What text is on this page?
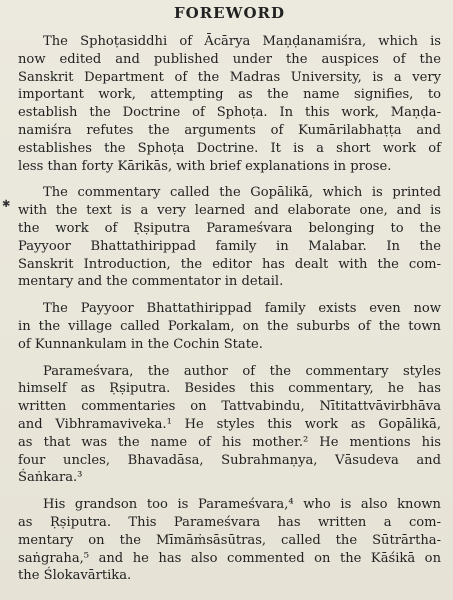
✱
FOREWORD
The Sphoṭasiddhi of Ācārya Maṇḍanamiśra, which is
now edited and published under the auspices of the
Sanskrit Department of the Madras University, is a very
important work, attempting as the name signifies, to
establish the Doctrine of Sphoṭa. In this work, Maṇḍa-
namiśra refutes the arguments of Kumārilabhaṭṭa and
establishes the Sphoṭa Doctrine. It is a short work of
less than forty Kārikās, with brief explanations in prose.
The commentary called the Gopālikā, which is printed
with the text is a very learned and elaborate one, and is
the work of Ṛṣiputra Parameśvara belonging to the
Payyoor Bhattathirippad family in Malabar. In the
Sanskrit Introduction, the editor has dealt with the com-
mentary and the commentator in detail.
The Payyoor Bhattathirippad family exists even now
in the village called Porkalam, on the suburbs of the town
of Kunnankulam in the Cochin State.
Parameśvara, the author of the commentary styles
himself as Ṛṣiputra. Besides this commentary, he has
written commentaries on Tattvabindu, Nītitattvāvirbhāva
and Vibhramaviveka.¹ He styles this work as Gopālikā,
as that was the name of his mother.² He mentions his
four uncles, Bhavadāsa, Subrahmaṇya, Vāsudeva and
Śaṅkara.³
His grandson too is Parameśvara,⁴ who is also known
as Ṛṣiputra. This Parameśvara has written a com-
mentary on the Mīmāṁsāsūtras, called the Sūtrārtha-
saṅgraha,⁵ and he has also commented on the Kāśikā on
the Ślokavārtika.
